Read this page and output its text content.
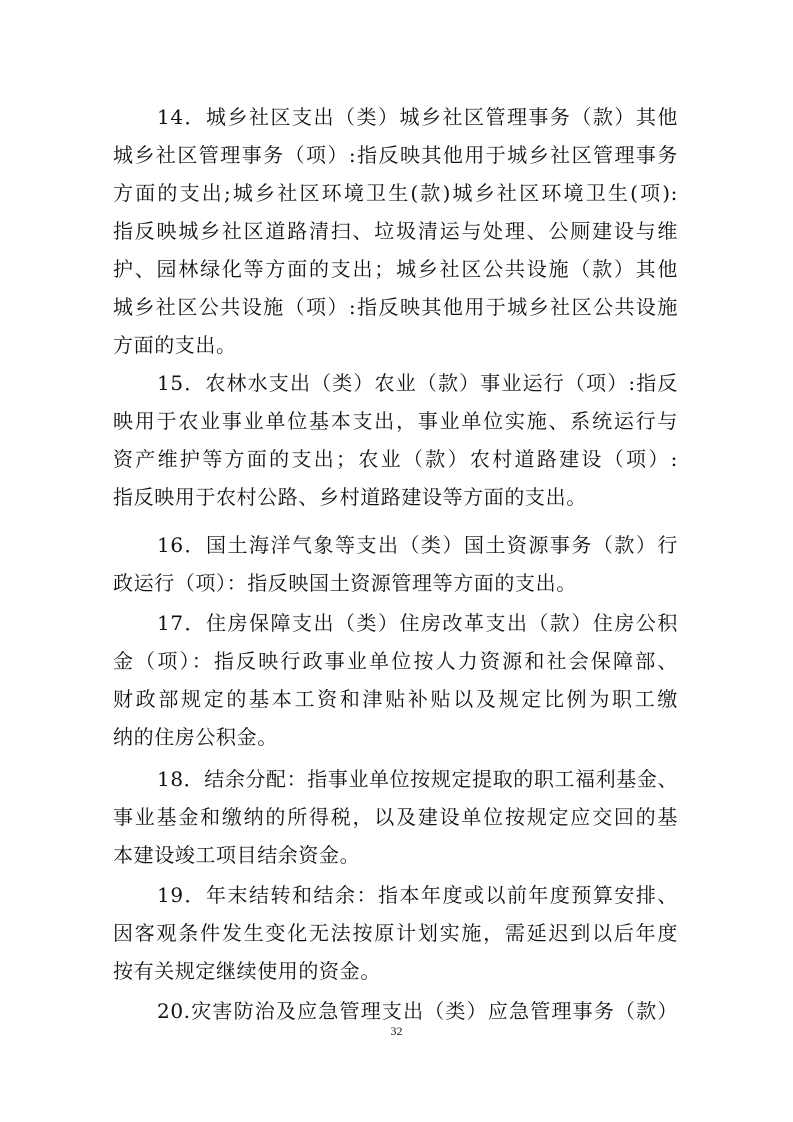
14．城乡社区支出（类）城乡社区管理事务（款）其他
城乡社区管理事务（项）:指反映其他用于城乡社区管理事务
方面的支出;城乡社区环境卫生(款)城乡社区环境卫生(项):
指反映城乡社区道路清扫、垃圾清运与处理、公厕建设与维
护、园林绿化等方面的支出；城乡社区公共设施（款）其他
城乡社区公共设施（项）:指反映其他用于城乡社区公共设施
方面的支出。
15．农林水支出（类）农业（款）事业运行（项）:指反
映用于农业事业单位基本支出，事业单位实施、系统运行与
资产维护等方面的支出；农业（款）农村道路建设（项）:
指反映用于农村公路、乡村道路建设等方面的支出。
16．国土海洋气象等支出（类）国土资源事务（款）行
政运行（项）：指反映国土资源管理等方面的支出。
17．住房保障支出（类）住房改革支出（款）住房公积
金（项）：指反映行政事业单位按人力资源和社会保障部、
财政部规定的基本工资和津贴补贴以及规定比例为职工缴
纳的住房公积金。
18．结余分配：指事业单位按规定提取的职工福利基金、
事业基金和缴纳的所得税，以及建设单位按规定应交回的基
本建设竣工项目结余资金。
19．年末结转和结余：指本年度或以前年度预算安排、
因客观条件发生变化无法按原计划实施，需延迟到以后年度
按有关规定继续使用的资金。
20.灾害防治及应急管理支出（类）应急管理事务（款）
32
